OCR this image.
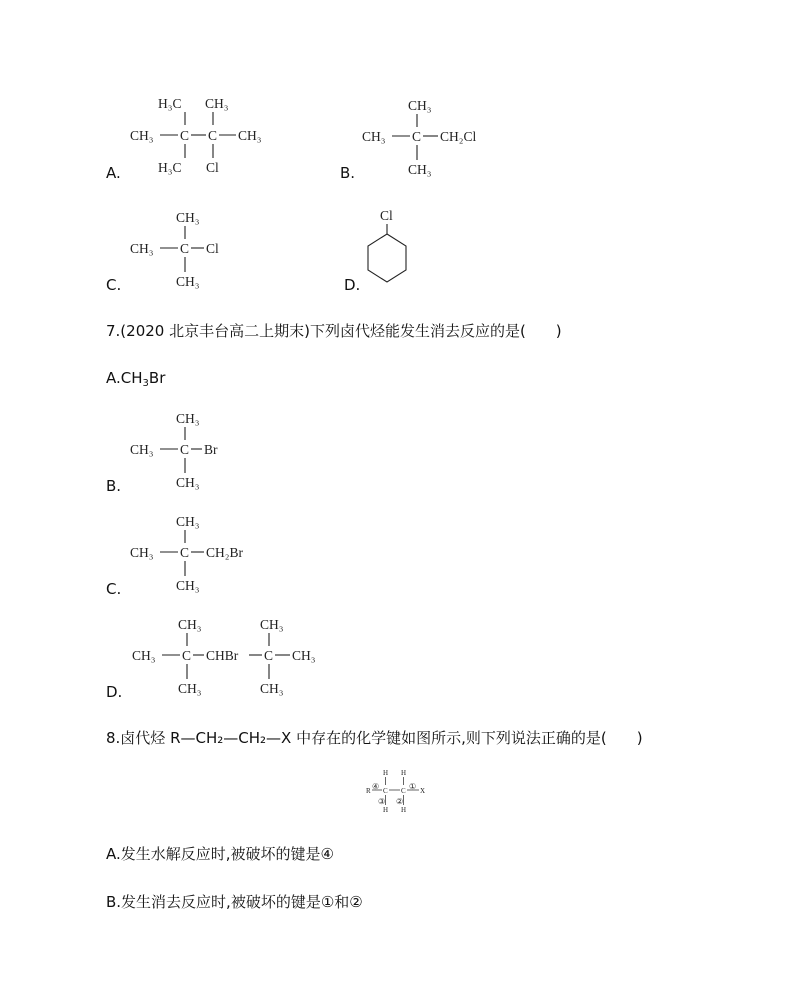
A.
H₃C CH₃
CH₃ C C CH₃
H₃C Cl	B.
CH₃
CH₃ C CH₂Cl
CH₃
C.
CH₃
CH₃ C Cl
CH₃	D.
Cl
7.(2020 北京丰台高二上期末)下列卤代烃能发生消去反应的是(　　)
$A.CH_3Br$
B.
CH₃
CH₃ C Br
CH₃
C.
CH₃
CH₃ C CH₂Br
CH₃
D.
CH₃
CH₃ C CHBr C CH₃
CH₃
CH₃
CH₃
8.卤代烃 R—CH₂—CH₂—X 中存在的化学键如图所示,则下列说法正确的是(　　)
H H
R C C X
H H
④	①
③ ②
A.发生水解反应时,被破坏的键是④
B.发生消去反应时,被破坏的键是①和②
